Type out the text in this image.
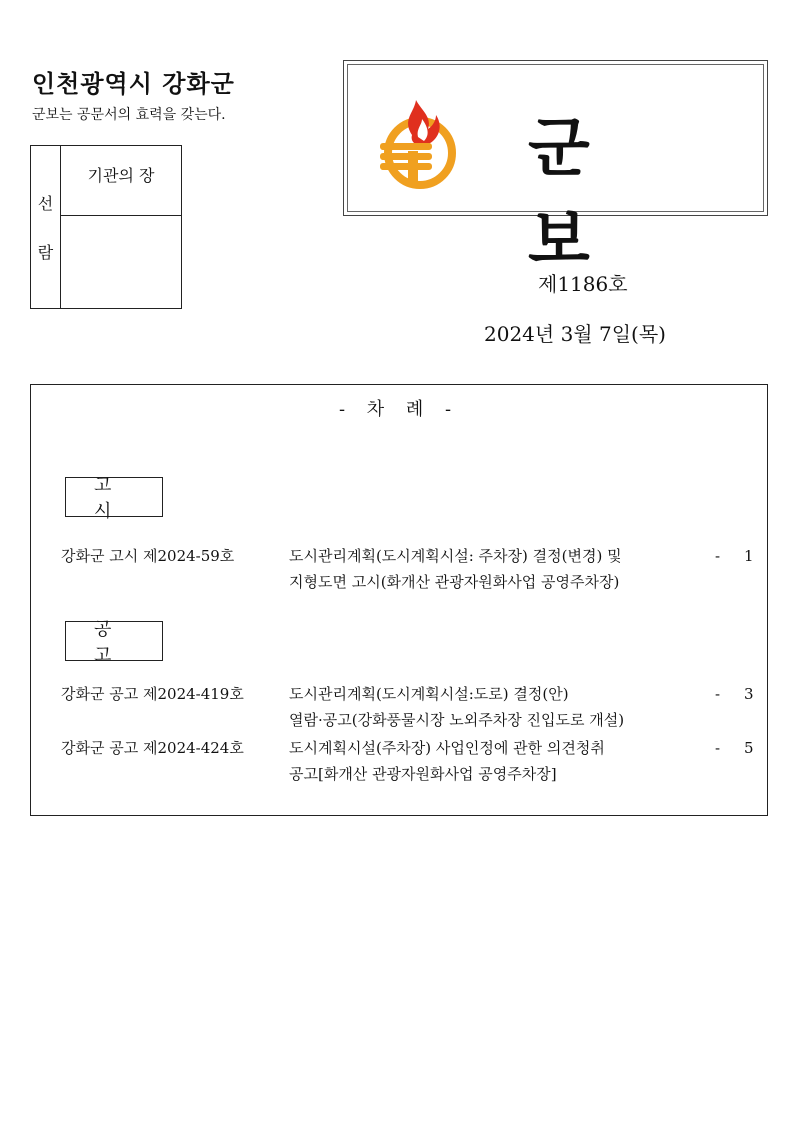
인천광역시 강화군
군보는 공문서의 효력을 갖는다.
선
람
기관의 장	군 보
제1186호
2024년 3월 7일(목)
- 차 례 -
고 시
강화군 고시 제2024-59호	도시관리계획(도시계획시설: 주차장) 결정(변경) 및
지형도면 고시(화개산 관광자원화사업 공영주차장)
- 1
공 고
강화군 공고 제2024-419호	도시관리계획(도시계획시설:도로) 결정(안)
열람·공고(강화풍물시장 노외주차장 진입도로 개설)
- 3
강화군 공고 제2024-424호	도시계획시설(주차장) 사업인정에 관한 의견청취
공고[화개산 관광자원화사업 공영주차장]
- 5
